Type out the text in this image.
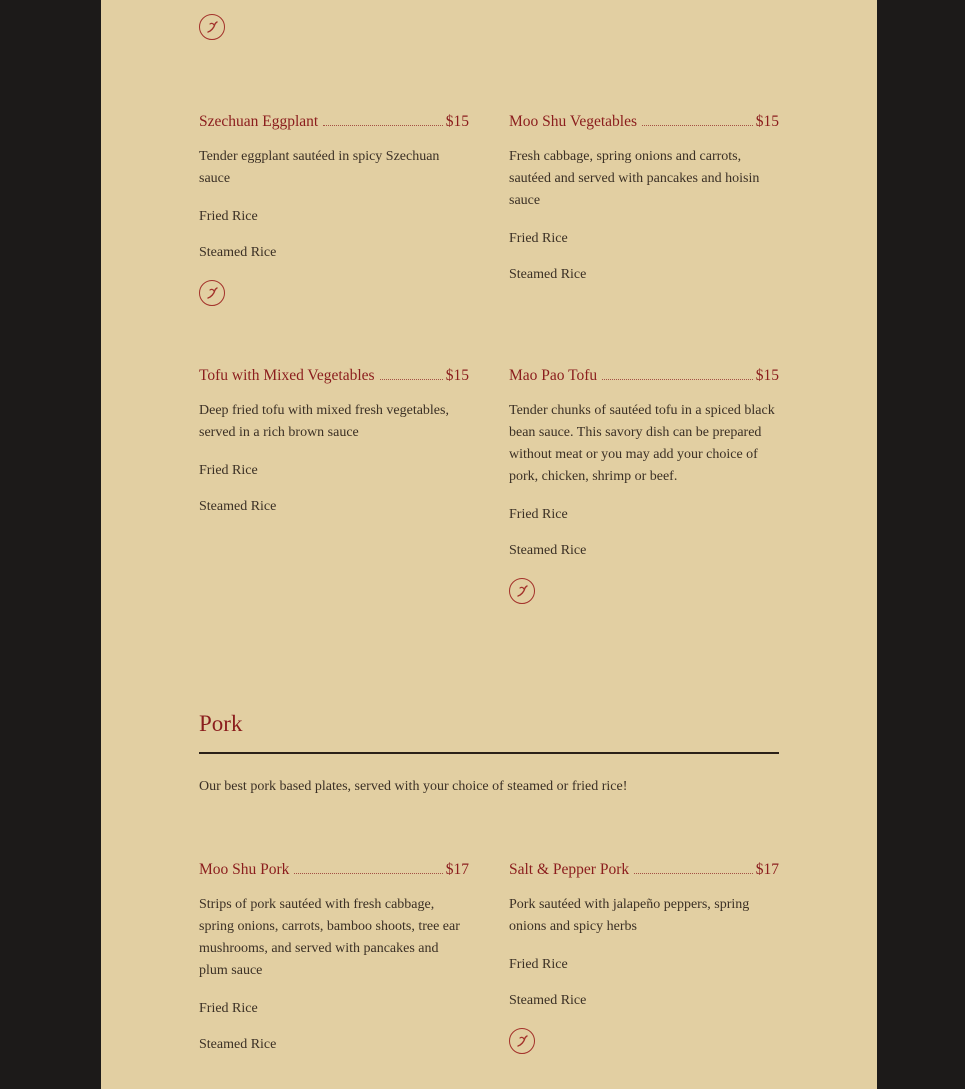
Szechuan Eggplant	$15
Tender eggplant sautéed in spicy Szechuan sauce
Fried Rice
Steamed Rice
Moo Shu Vegetables	$15
Fresh cabbage, spring onions and carrots, sautéed and served with pancakes and hoisin sauce
Fried Rice
Steamed Rice
Tofu with Mixed Vegetables	$15
Deep fried tofu with mixed fresh vegetables, served in a rich brown sauce
Fried Rice
Steamed Rice
Mao Pao Tofu	$15
Tender chunks of sautéed tofu in a spiced black bean sauce. This savory dish can be prepared without meat or you may add your choice of pork, chicken, shrimp or beef.
Fried Rice
Steamed Rice
Pork
Our best pork based plates, served with your choice of steamed or fried rice!
Moo Shu Pork	$17
Strips of pork sautéed with fresh cabbage, spring onions, carrots, bamboo shoots, tree ear mushrooms, and served with pancakes and plum sauce
Fried Rice
Steamed Rice
Salt & Pepper Pork	$17
Pork sautéed with jalapeño peppers, spring onions and spicy herbs
Fried Rice
Steamed Rice
